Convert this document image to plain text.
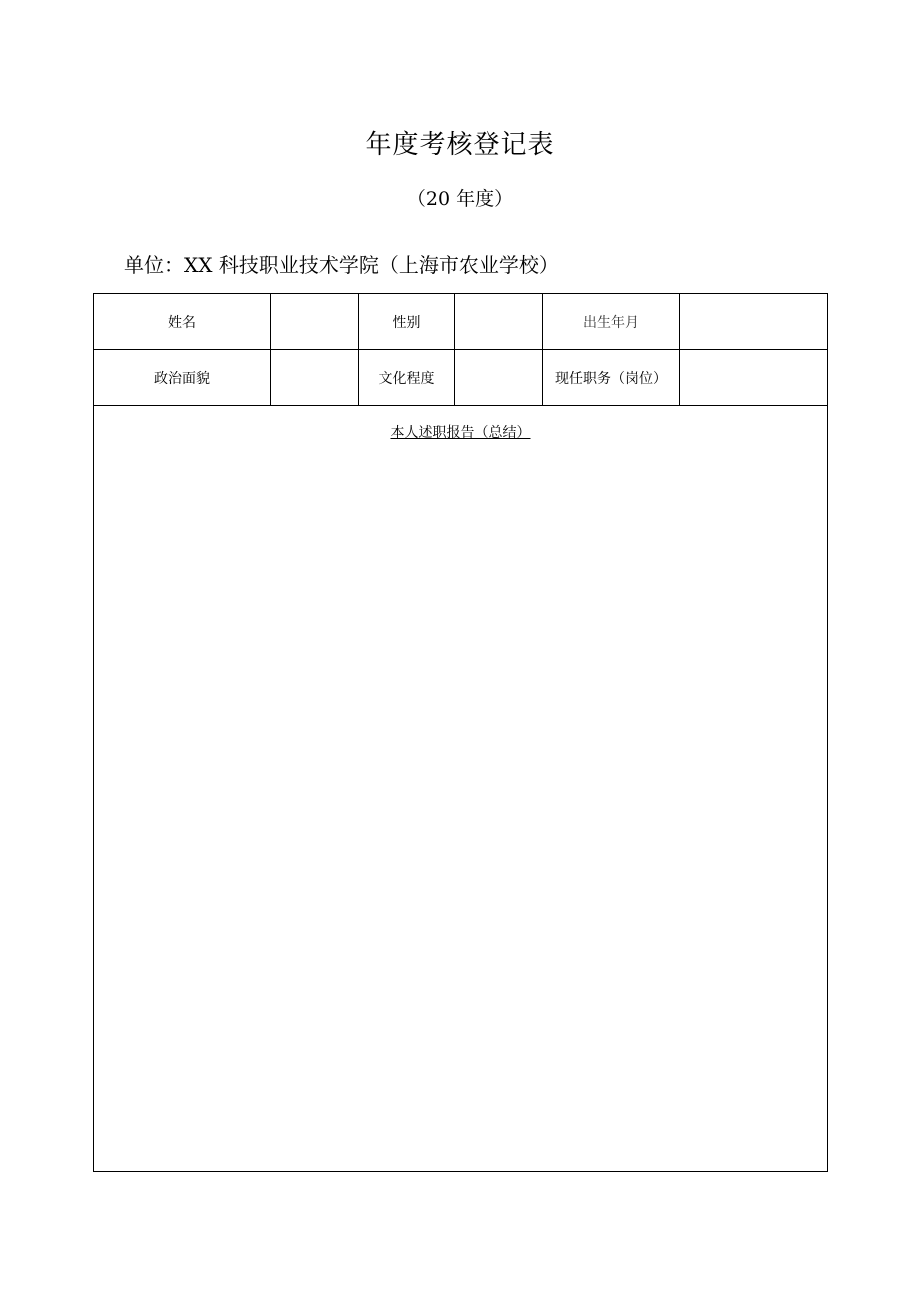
年度考核登记表
（20 年度）
单位：XX 科技职业技术学院（上海市农业学校）
姓名		性别		出生年月	
政治面貌		文化程度		现任职务（岗位）	
本人述职报告（总结）					
